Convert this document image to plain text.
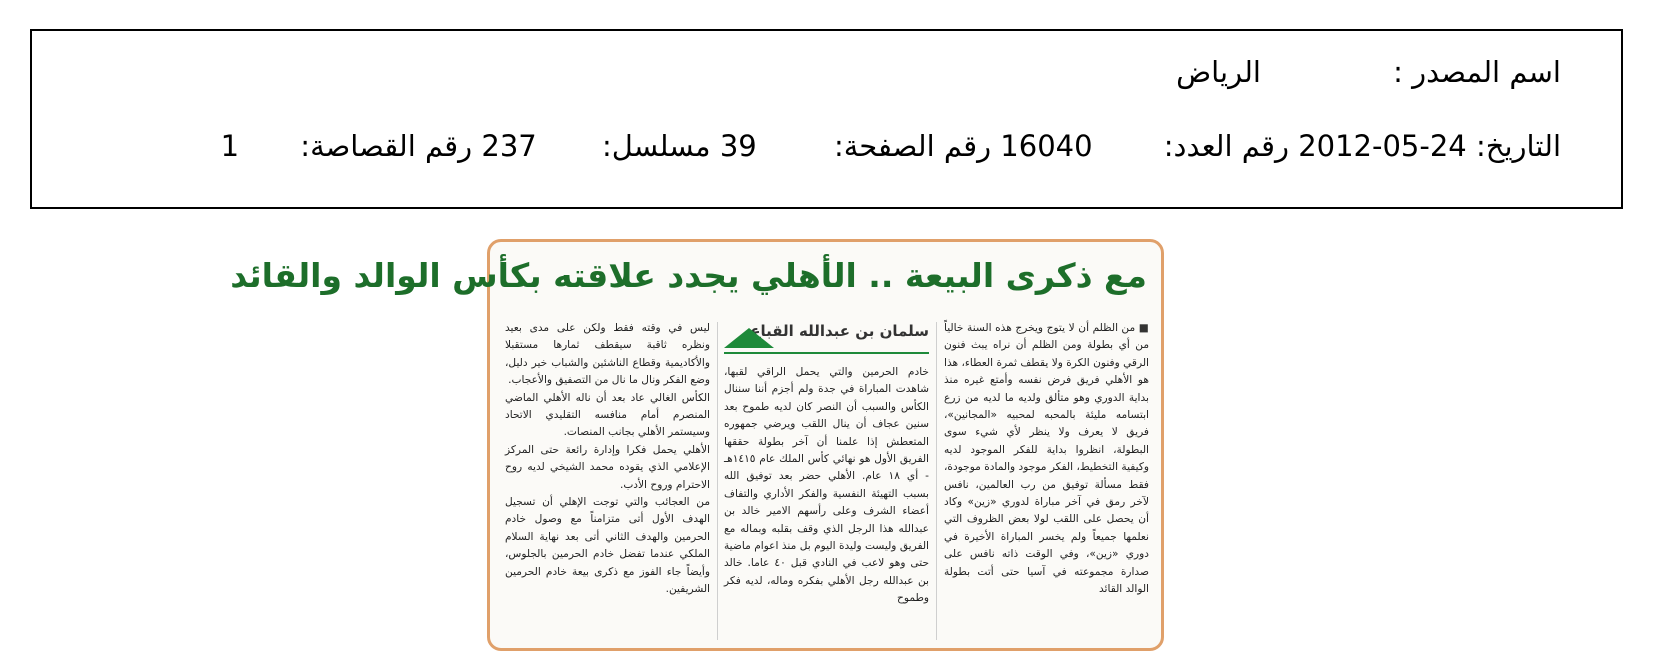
اسم المصدر :الرياض
التاريخ: 2012-05-24 رقم العدد: 16040 رقم الصفحة: 39 مسلسل: 237 رقم القصاصة: 1
مع ذكرى البيعة .. الأهلي يجدد علاقته بكأس الوالد والقائد

■ من الظلم أن لا يتوج ويخرج هذه السنة خالياً من أي بطولة ومن الظلم أن نراه يبث فنون الرقي وفنون الكرة ولا يقطف ثمرة العطاء، هذا هو الأهلي فريق فرض نفسه وأمتع غيره منذ بداية الدوري وهو متألق ولديه ما لديه من زرع ابتسامه ملیئة بالمحبه لمحبيه «المجانين»، فريق لا يعرف ولا ينظر لأي شيء سوى البطولة، انظروا بداية للفكر الموجود لديه وكيفية التخطيط، الفكر موجود والمادة موجودة، فقط مسألة توفيق من رب العالمين، نافس لآخر رمق في آخر مباراة لدوري «زين» وكاد أن يحصل على اللقب لولا بعض الظروف التي نعلمها جميعاً ولم يخسر المباراة الأخيرة في دوري «زين»، وفي الوقت ذاته نافس على صدارة مجموعته في آسيا حتى أتت بطولة الوالد القائد

سلمان بن عبدالله القباع

خادم الحرمين والتي يحمل الراقي لقبها، شاهدت المباراة في جدة ولم أجزم أننا سننال الكأس والسبب أن النصر كان لديه طموح بعد سنين عجاف أن ينال اللقب ويرضي جمهوره المتعطش إذا علمنا أن آخر بطولة حققها الفريق الأول هو نهائي كأس الملك عام ١٤١٥هـ - أي ١٨ عام. الأهلي حضر بعد توفيق الله بسبب التهيئة النفسية والفكر الأداري والتفاف أعضاء الشرف وعلى رأسهم الامير خالد بن عبدالله هذا الرجل الذي وقف بقلبه وبماله مع الفريق وليست وليدة اليوم بل منذ اعوام ماضية حتى وهو لاعب في النادي قبل ٤٠ عاما. خالد بن عبدالله رجل الأهلي بفكره وماله، لديه فكر وطموح

ليس في وقته فقط ولكن على مدى بعيد ونظره ثاقبة سيقطف ثمارها مستقبلا والأكاديمية وقطاع الناشئين والشباب خير دليل، وضع الفكر ونال ما نال من التصفيق والأعجاب.

الكأس الغالي عاد بعد أن ناله الأهلي الماضي المنصرم أمام منافسه التقليدي الاتحاد وسيستمر الأهلي بجانب المنصات.

الأهلي يحمل فكرا وإدارة رائعة حتى المركز الإعلامي الذي يقوده محمد الشيخي لديه روح الاحترام وروح الأدب.

من العجائب والتي توجت الإهلي أن تسجيل الهدف الأول أتى متزامناً مع وصول خادم الحرمين والهدف الثاني أتى بعد نهاية السلام الملكي عندما تفضل خادم الحرمين بالجلوس، وأيضاً جاء الفوز مع ذكرى بيعة خادم الحرمين الشريفين.
